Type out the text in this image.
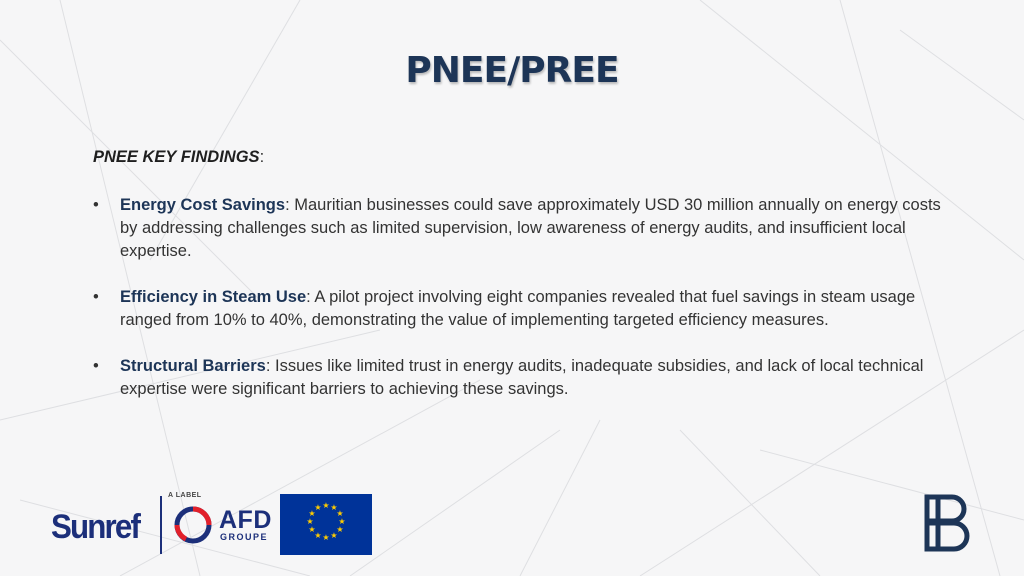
PNEE/PREE
PNEE KEY FINDINGS:
• Energy Cost Savings: Mauritian businesses could save approximately USD 30 million annually on energy costs by addressing challenges such as limited supervision, low awareness of energy audits, and insufficient local expertise.
• Efficiency in Steam Use: A pilot project involving eight companies revealed that fuel savings in steam usage ranged from 10% to 40%, demonstrating the value of implementing targeted efficiency measures.
• Structural Barriers: Issues like limited trust in energy audits, inadequate subsidies, and lack of local technical expertise were significant barriers to achieving these savings.
Sunref
A LABEL
AFD
GROUPE
★ ★
★
★
★
★
★
★
★
★
★
★
